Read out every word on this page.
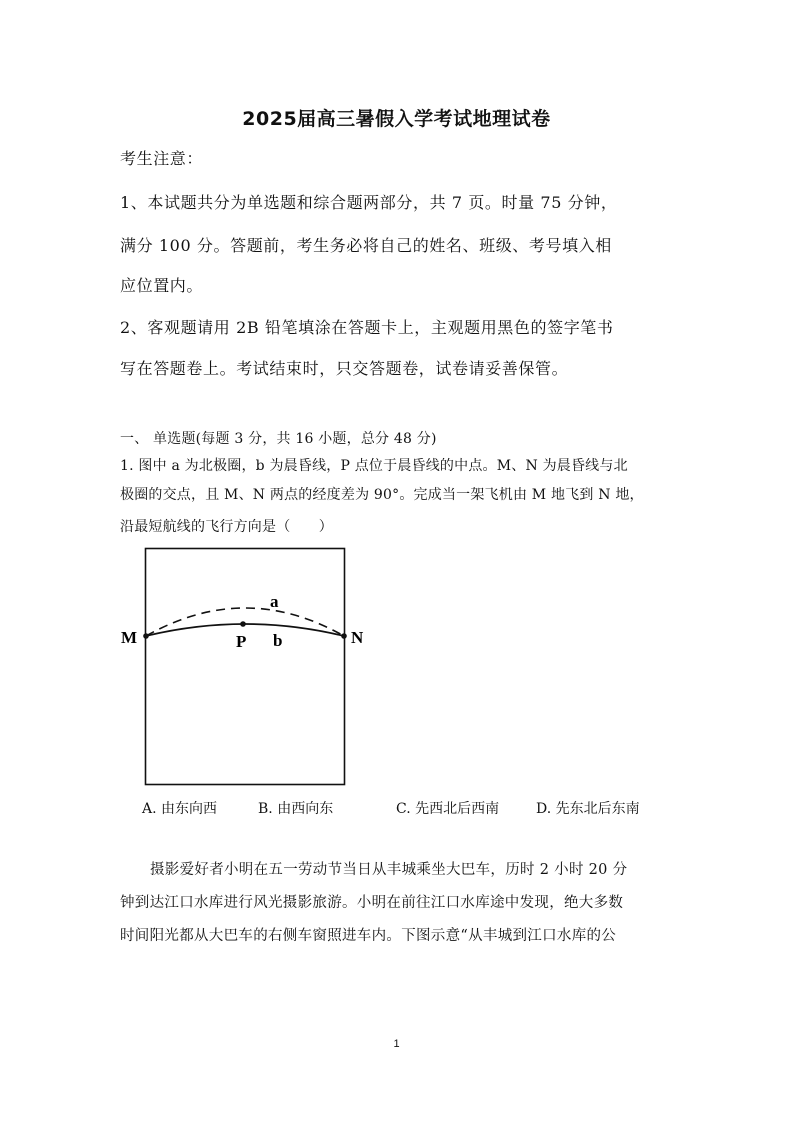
2025届高三暑假入学考试地理试卷
考生注意：
1、本试题共分为单选题和综合题两部分，共 7 页。时量 75 分钟，
满分 100 分。答题前，考生务必将自己的姓名、班级、考号填入相
应位置内。
2、客观题请用 2B 铅笔填涂在答题卡上，主观题用黑色的签字笔书
写在答题卷上。考试结束时，只交答题卷，试卷请妥善保管。
一、 单选题(每题 3 分，共 16 小题，总分 48 分)
1. 图中 a 为北极圈，b 为晨昏线，P 点位于晨昏线的中点。M、N 为晨昏线与北
极圈的交点，且 M、N 两点的经度差为 90°。完成当一架飞机由 M 地飞到 N 地，
沿最短航线的飞行方向是（　　）
M	N
P
a
b
A. 由东向西	B. 由西向东	C. 先西北后西南	D. 先东北后东南
摄影爱好者小明在五一劳动节当日从丰城乘坐大巴车，历时 2 小时 20 分
钟到达江口水库进行风光摄影旅游。小明在前往江口水库途中发现，绝大多数
时间阳光都从大巴车的右侧车窗照进车内。下图示意“从丰城到江口水库的公
1
